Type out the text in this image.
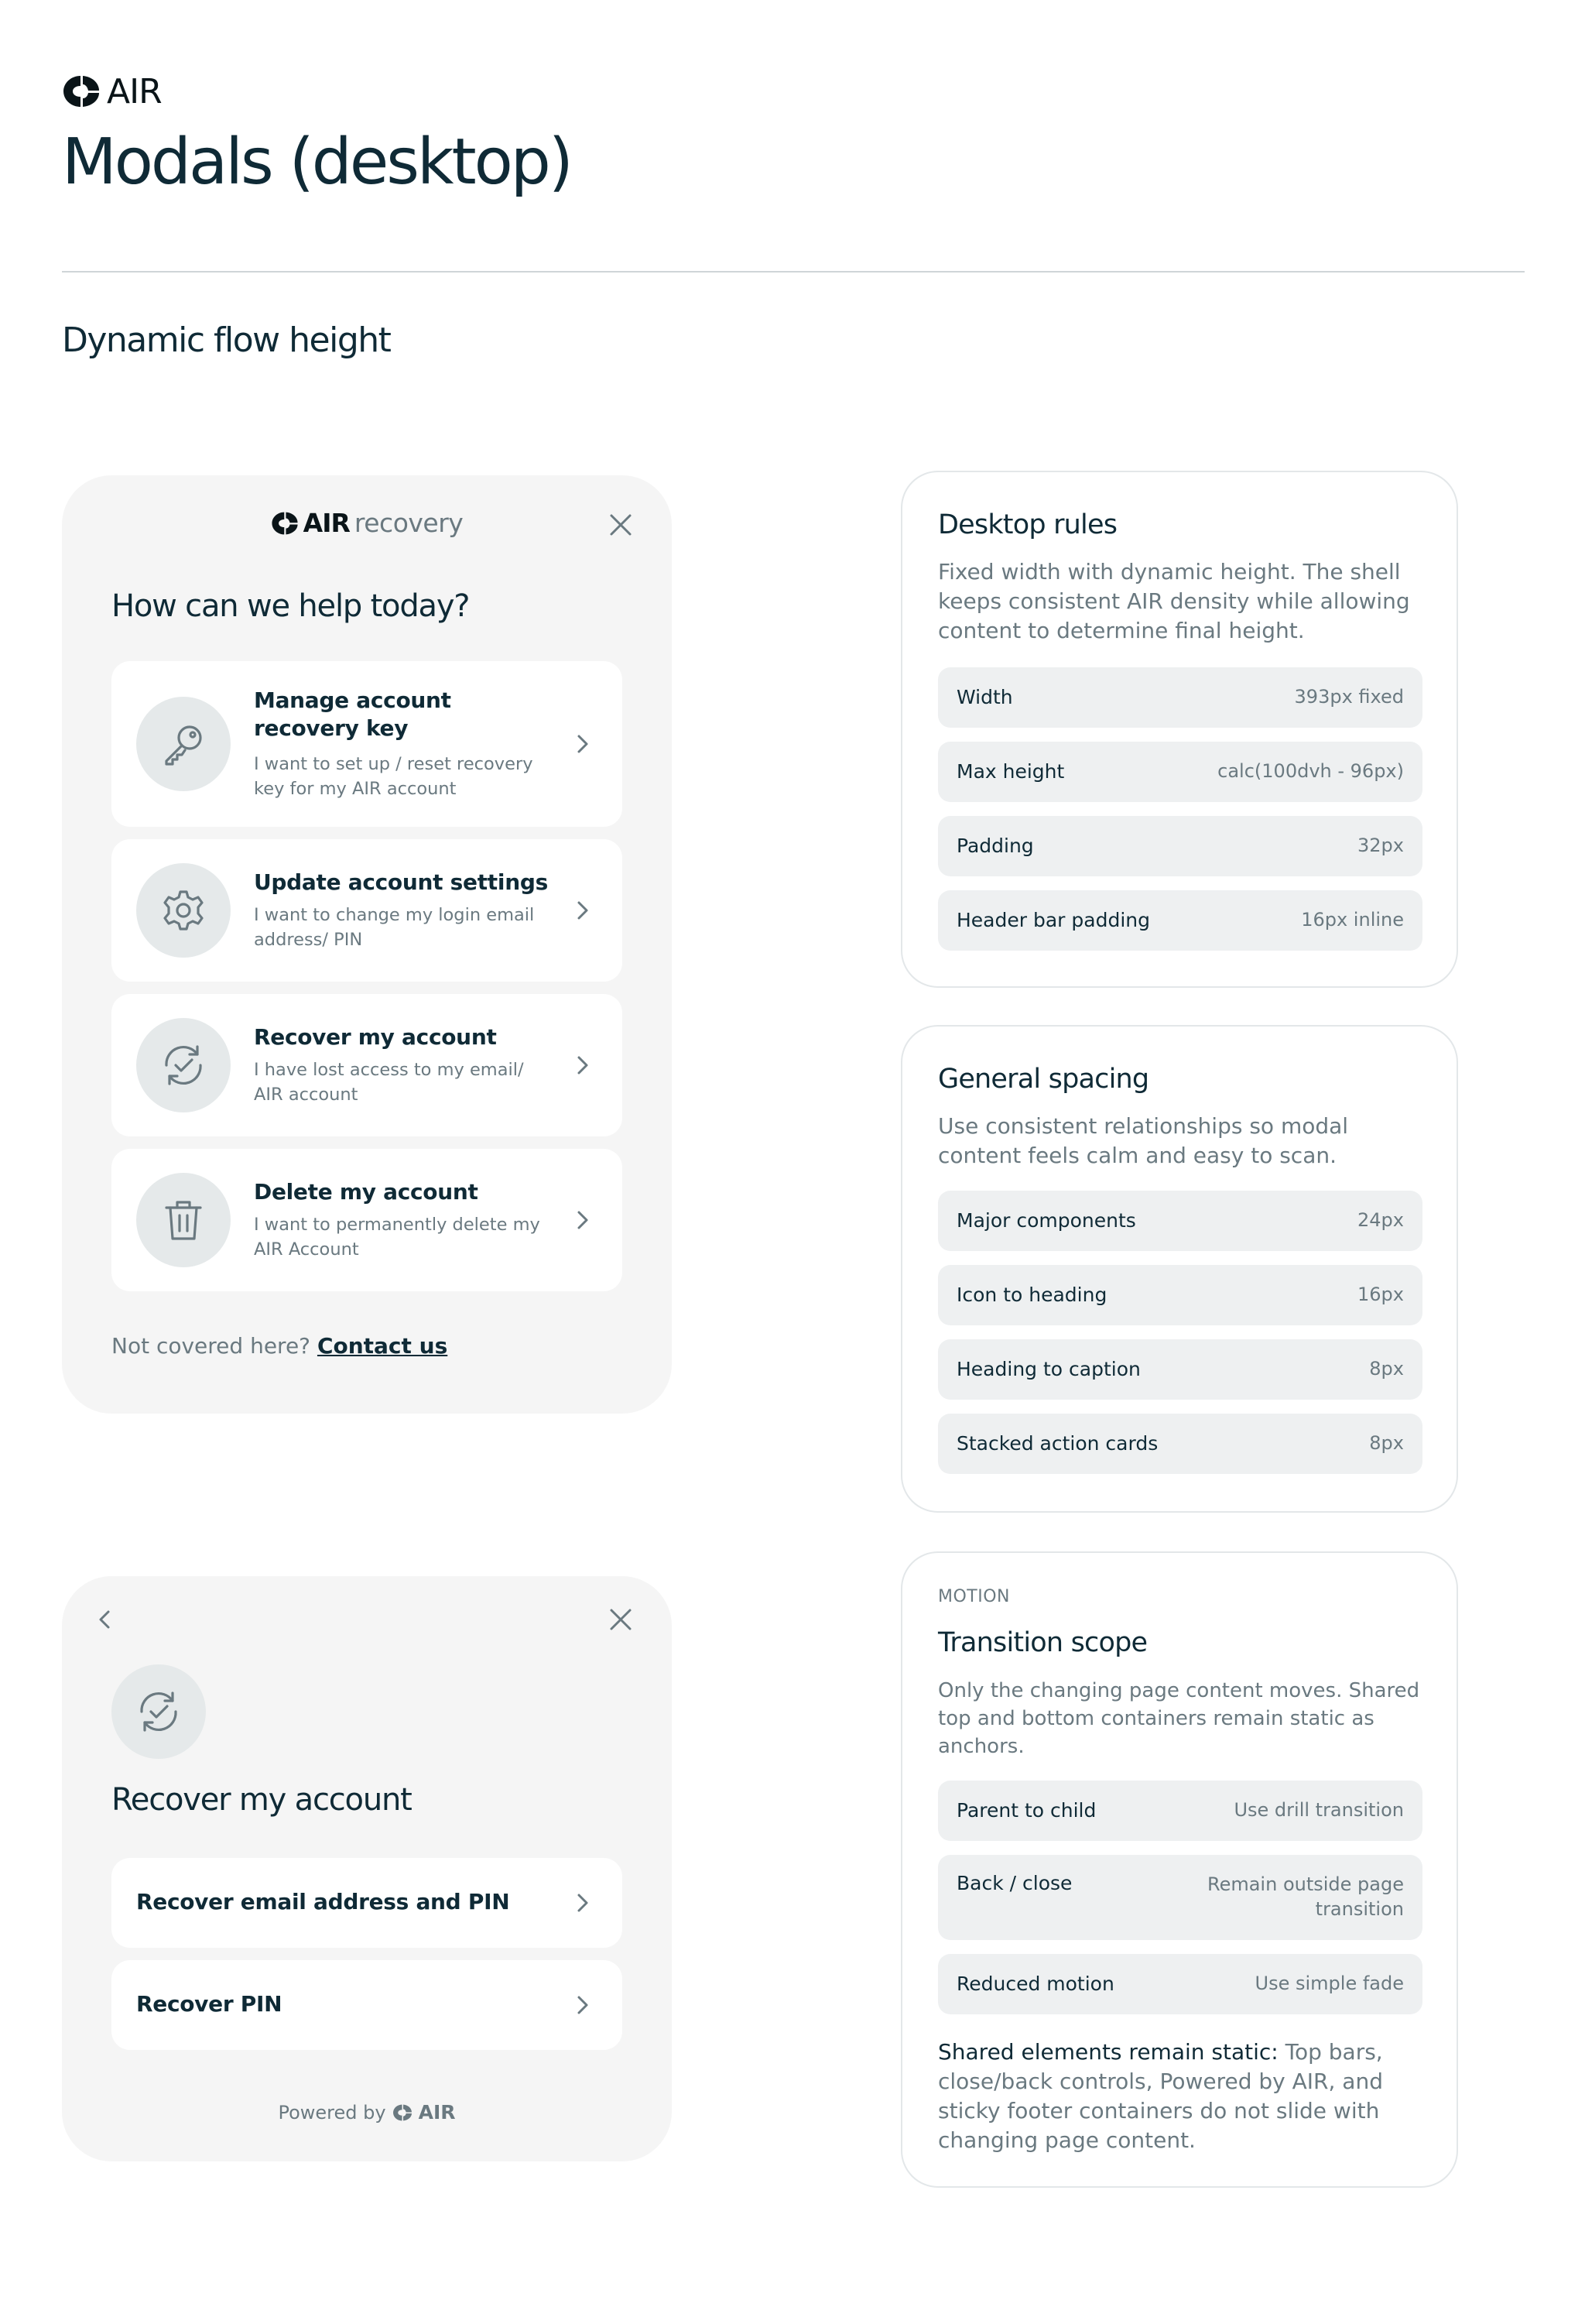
AIR
Modals (desktop)
Dynamic flow height
AIR recovery
How can we help today?
Manage account recovery key
I want to set up / reset recovery key for my AIR account
Update account settings
I want to change my login email address/ PIN
Recover my account
I have lost access to my email/ AIR account
Delete my account
I want to permanently delete my AIR Account
Not covered here? Contact us
Recover my account
Recover email address and PIN
Recover PIN
Powered by AIR
Desktop rules
Fixed width with dynamic height. The shell keeps consistent AIR density while allowing content to determine final height.
Width	393px fixed
Max height	calc(100dvh - 96px)
Padding	32px
Header bar padding	16px inline
General spacing
Use consistent relationships so modal content feels calm and easy to scan.
Major components	24px
Icon to heading	16px
Heading to caption	8px
Stacked action cards	8px
MOTION
Transition scope
Only the changing page content moves. Shared top and bottom containers remain static as anchors.
Parent to child	Use drill transition
Back / close	Remain outside page transition
Reduced motion	Use simple fade
Shared elements remain static: Top bars, close/back controls, Powered by AIR, and sticky footer containers do not slide with changing page content.
